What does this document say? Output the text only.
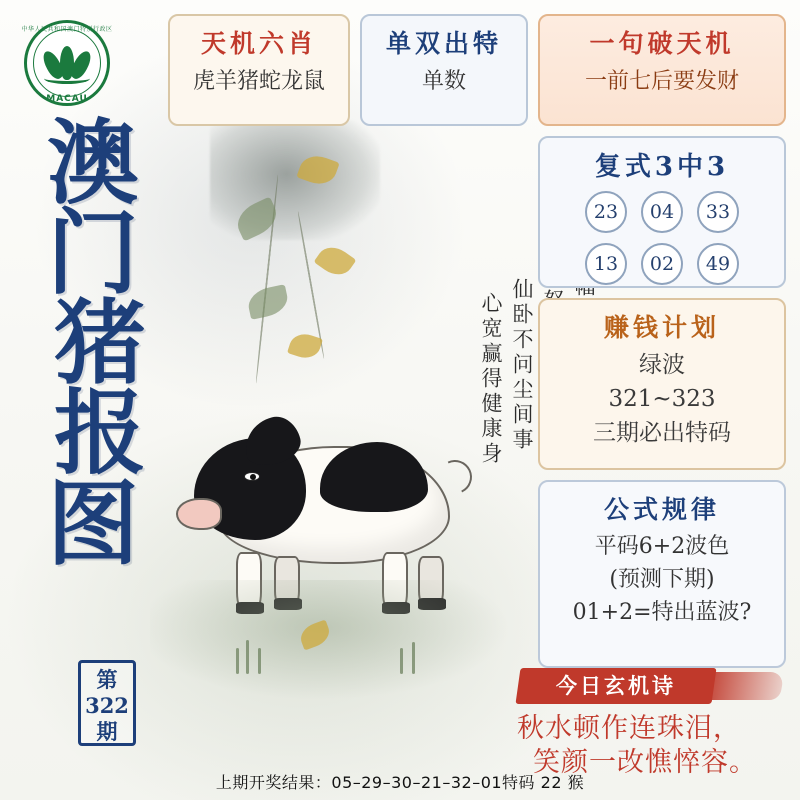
中华人民共和国澳门特别行政区
MACAU
澳门
猪报
图
第322期
仙卧不问尘间事
心宽赢得健康身
天机六肖
虎羊猪蛇龙鼠
单双出特
单数
一句破天机
一前七后要发财
复式3中3
23	04	33
13	02	49
赚钱计划
绿波
321~323
三期必出特码
公式规律
平码6+2波色
(预测下期)
01+2=特出蓝波?
今日玄机诗
秋水顿作连珠泪，
笑颜一改憔悴容。
上期开奖结果：05–29–30–21–32–01特码 22 猴
